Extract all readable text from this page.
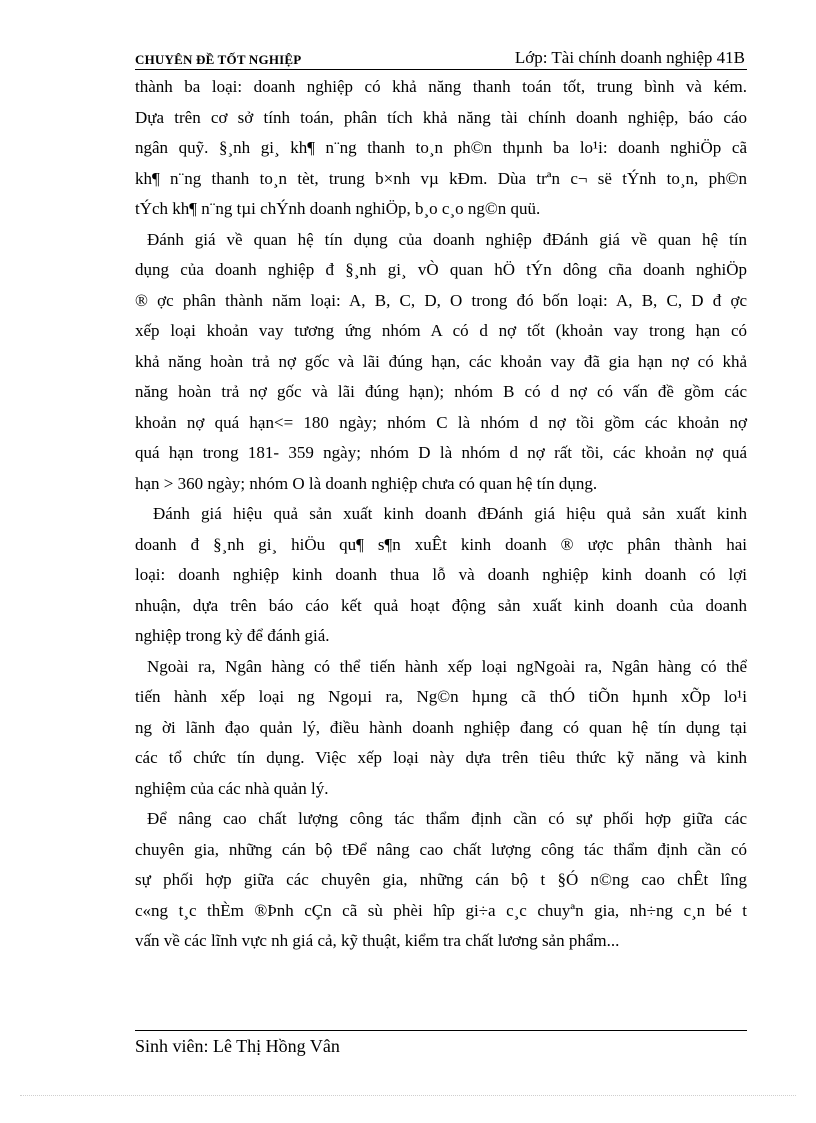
CHUYÊN ĐỀ TỐT NGHIỆP	Lớp: Tài chính doanh nghiệp 41B
thành ba loại: doanh nghiệp có khả năng thanh toán tốt, trung bình và kém.
Dựa trên cơ sở tính toán, phân tích khả năng tài chính doanh nghiệp, báo cáo
ngân quỹ. §¸nh gi¸ kh¶ n¨ng thanh to¸n ph©n thµnh ba lo¹i: doanh nghiÖp cã
kh¶ n¨ng thanh to¸n tèt, trung b×nh vµ kÐm. Dùa trªn c¬ së tÝnh to¸n, ph©n
tÝch kh¶ n¨ng tµi chÝnh doanh nghiÖp, b¸o c¸o ng©n quü.
Đánh giá về quan hệ tín dụng của doanh nghiệp đĐánh giá về quan hệ tín
dụng của doanh nghiệp đ §¸nh gi¸ vÒ quan hÖ tÝn dông cña doanh nghiÖp
® ợc phân thành năm loại: A, B, C, D, O trong đó bốn loại: A, B, C, D đ ợc
xếp loại khoản vay tương ứng nhóm A có d nợ tốt (khoản vay trong hạn có
khả năng hoàn trả nợ gốc và lãi đúng hạn, các khoản vay đã gia hạn nợ có khả
năng hoàn trả nợ gốc và lãi đúng hạn); nhóm B có d nợ có vấn đề gồm các
khoản nợ quá hạn<= 180 ngày; nhóm C là nhóm d nợ tồi gồm các khoản nợ
quá hạn trong 181- 359 ngày; nhóm D là nhóm d nợ rất tồi, các khoản nợ quá
hạn > 360 ngày; nhóm O là doanh nghiệp chưa có quan hệ tín dụng.
Đánh giá hiệu quả sản xuất kinh doanh đĐánh giá hiệu quả sản xuất kinh
doanh đ §¸nh gi¸ hiÖu qu¶ s¶n xuÊt kinh doanh ® ược phân thành hai
loại: doanh nghiệp kinh doanh thua lỗ và doanh nghiệp kinh doanh có lợi
nhuận, dựa trên báo cáo kết quả hoạt động sản xuất kinh doanh của doanh
nghiệp trong kỳ để đánh giá.
Ngoài ra, Ngân hàng có thể tiến hành xếp loại ngNgoài ra, Ngân hàng có thể
tiến hành xếp loại ng Ngoµi ra, Ng©n hµng cã thÓ tiÕn hµnh xÕp lo¹i
ng ời lãnh đạo quản lý, điều hành doanh nghiệp đang có quan hệ tín dụng tại
các tổ chức tín dụng. Việc xếp loại này dựa trên tiêu thức kỹ năng và kinh
nghiệm của các nhà quản lý.
Để nâng cao chất lượng công tác thẩm định cần có sự phối hợp giữa các
chuyên gia, những cán bộ tĐể nâng cao chất lượng công tác thẩm định cần có
sự phối hợp giữa các chuyên gia, những cán bộ t §Ó n©ng cao chÊt lîng
c«ng t¸c thÈm ®Þnh cÇn cã sù phèi hîp gi÷a c¸c chuyªn gia, nh÷ng c¸n bé t
vấn về các lĩnh vực nh giá cả, kỹ thuật, kiểm tra chất lương sản phẩm...
Sinh viên: Lê Thị Hồng Vân
